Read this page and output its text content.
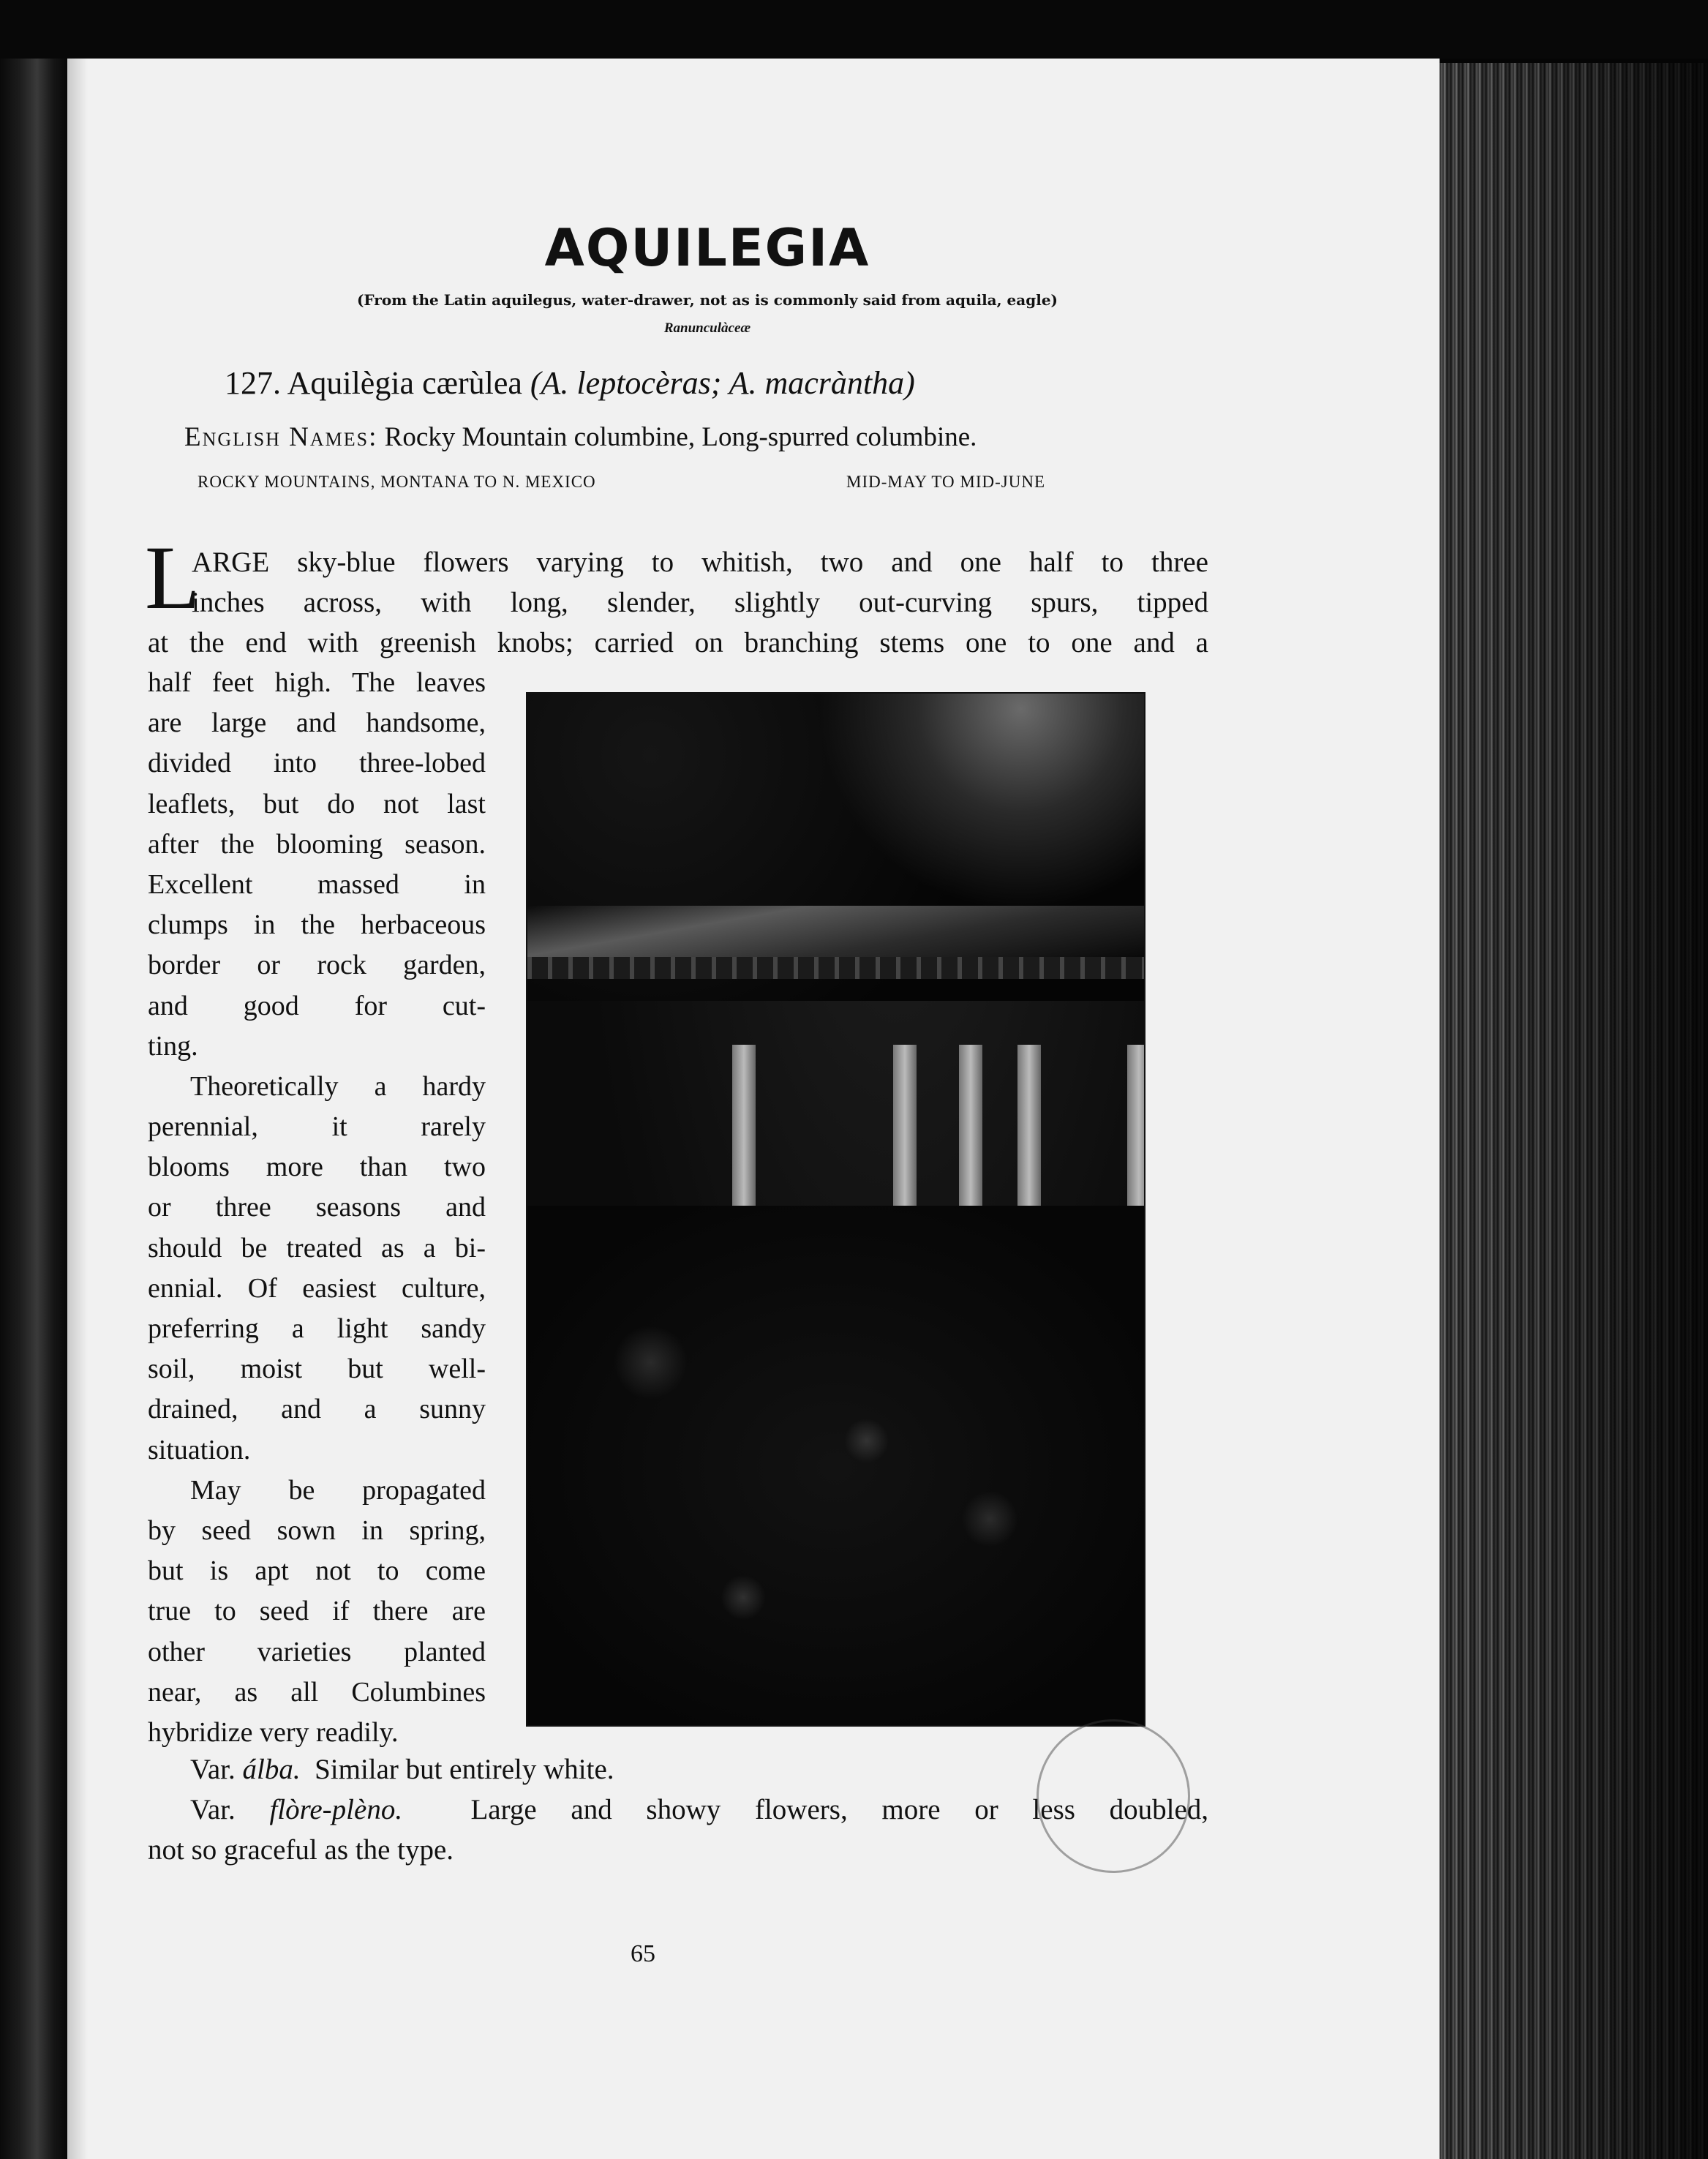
AQUILEGIA

(From the Latin aquilegus, water-drawer, not as is commonly said from aquila, eagle)

Ranunculàceæ

127. Aquilègia cærùlea (A. leptocèras; A. macràntha)

English Names: Rocky Mountain columbine, Long-spurred columbine.

ROCKY MOUNTAINS, MONTANA TO N. MEXICO	MID-MAY TO MID-JUNE

L

ARGE sky-blue flowers varying to whitish, two and one half to three

inches across, with long, slender, slightly out-curving spurs, tipped

at the end with greenish knobs; carried on branching stems one to one and a

half feet high. The leaves

are large and handsome,

divided into three-lobed

leaflets, but do not last

after the blooming season.

Excellent massed in

clumps in the herbaceous

border or rock garden,

and good for cut-

ting.

Theoretically a hardy

perennial, it rarely

blooms more than two

or three seasons and

should be treated as a bi-

ennial. Of easiest culture,

preferring a light sandy

soil, moist but well-

drained, and a sunny

situation.

May be propagated

by seed sown in spring,

but is apt not to come

true to seed if there are

other varieties planted

near, as all Columbines

hybridize very readily.

Var. álba. Similar but entirely white.

Var. flòre-plèno. Large and showy flowers, more or less doubled,

not so graceful as the type.

65
